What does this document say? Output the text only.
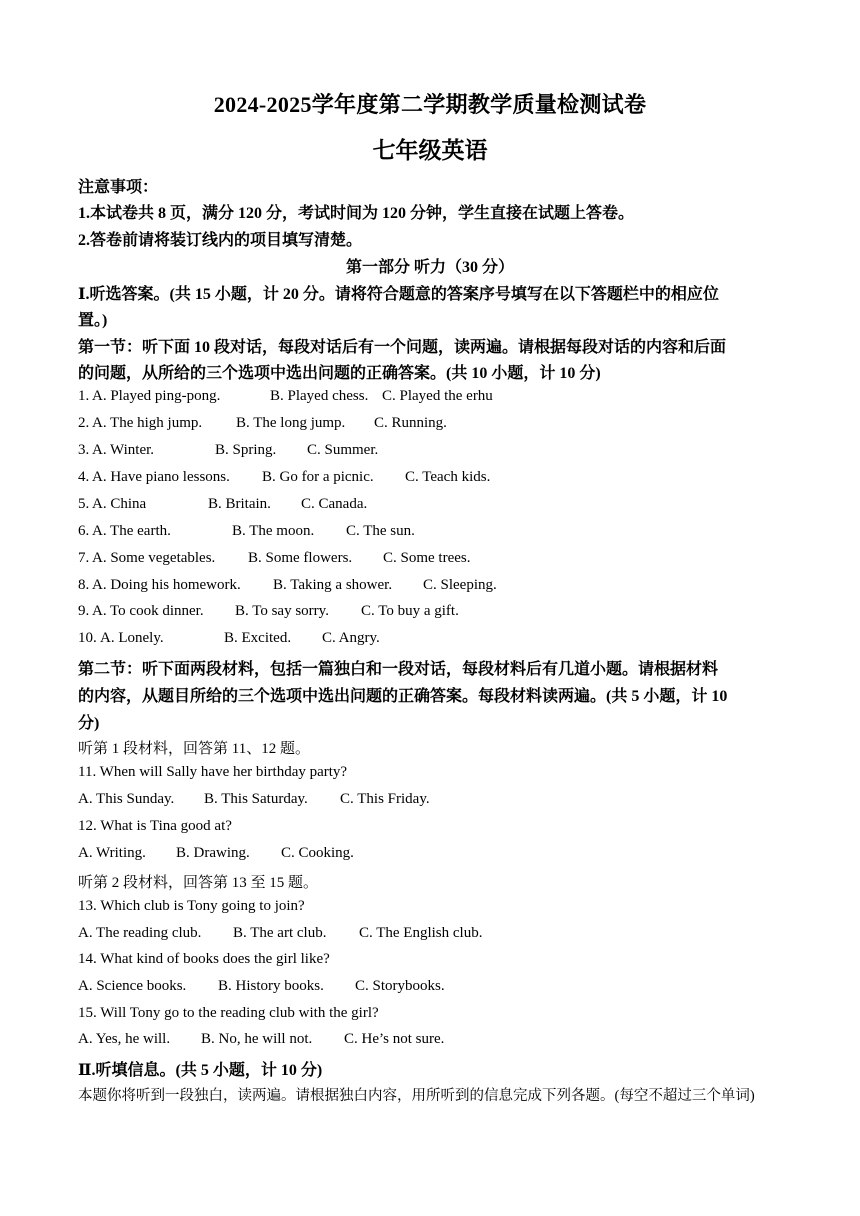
2024-2025学年度第二学期教学质量检测试卷
七年级英语
注意事项：
1.本试卷共 8 页，满分 120 分，考试时间为 120 分钟，学生直接在试题上答卷。
2.答卷前请将装订线内的项目填写清楚。
第一部分 听力（30 分）
Ⅰ.听选答案。(共 15 小题，计 20 分。请将符合题意的答案序号填写在以下答题栏中的相应位
置。)
第一节：听下面 10 段对话，每段对话后有一个问题，读两遍。请根据每段对话的内容和后面
的问题，从所给的三个选项中选出问题的正确答案。(共 10 小题，计 10 分)
1. A. Played ping-pong.	B. Played chess. C. Played the erhu
2. A. The high jump. B. The long jump. C. Running.
3. A. Winter.	B. Spring. C. Summer.
4. A. Have piano lessons. B. Go for a picnic. C. Teach kids.
5. A. China	B. Britain. C. Canada.
6. A. The earth.	B. The moon. C. The sun.
7. A. Some vegetables. B. Some flowers. C. Some trees.
8. A. Doing his homework. B. Taking a shower. C. Sleeping.
9. A. To cook dinner. B. To say sorry. C. To buy a gift.
10. A. Lonely.	B. Excited. C. Angry.
第二节：听下面两段材料，包括一篇独白和一段对话，每段材料后有几道小题。请根据材料
的内容，从题目所给的三个选项中选出问题的正确答案。每段材料读两遍。(共 5 小题，计 10
分)
听第 1 段材料，回答第 11、12 题。
11. When will Sally have her birthday party?
A. This Sunday. B. This Saturday. C. This Friday.
12. What is Tina good at?
A. Writing. B. Drawing. C. Cooking.
听第 2 段材料，回答第 13 至 15 题。
13. Which club is Tony going to join?
A. The reading club. B. The art club. C. The English club.
14. What kind of books does the girl like?
A. Science books. B. History books. C. Storybooks.
15. Will Tony go to the reading club with the girl?
A. Yes, he will. B. No, he will not. C. He’s not sure.
Ⅱ.听填信息。(共 5 小题，计 10 分)
本题你将听到一段独白，读两遍。请根据独白内容，用所听到的信息完成下列各题。(每空不超过三个单词)
